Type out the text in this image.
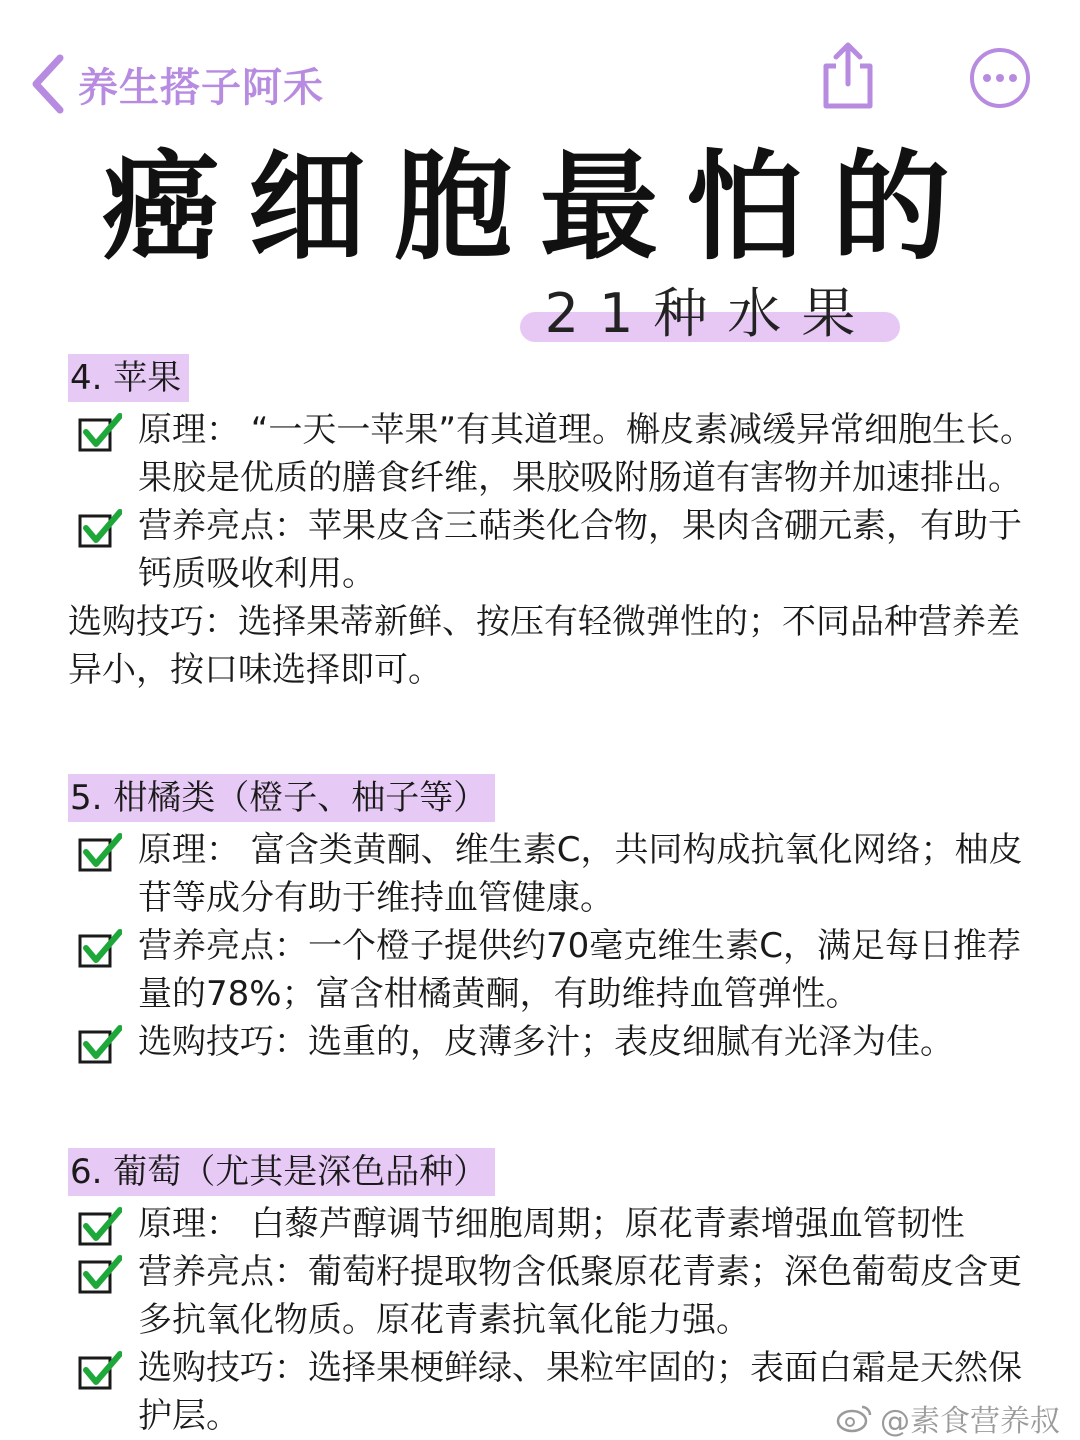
养生搭子阿禾
癌细胞最怕的
21种水果
4. 苹果
原理： “一天一苹果”有其道理。槲皮素减缓异常细胞生长。果胶是优质的膳食纤维，果胶吸附肠道有害物并加速排出。
营养亮点：苹果皮含三萜类化合物，果肉含硼元素，有助于钙质吸收利用。
选购技巧：选择果蒂新鲜、按压有轻微弹性的；不同品种营养差异小，按口味选择即可。
5. 柑橘类（橙子、柚子等）
原理： 富含类黄酮、维生素C，共同构成抗氧化网络；柚皮苷等成分有助于维持血管健康。
营养亮点：一个橙子提供约70毫克维生素C，满足每日推荐量的78%；富含柑橘黄酮，有助维持血管弹性。
选购技巧：选重的，皮薄多汁；表皮细腻有光泽为佳。
6. 葡萄（尤其是深色品种）
原理： 白藜芦醇调节细胞周期；原花青素增强血管韧性
营养亮点：葡萄籽提取物含低聚原花青素；深色葡萄皮含更多抗氧化物质。原花青素抗氧化能力强。
选购技巧：选择果梗鲜绿、果粒牢固的；表面白霜是天然保护层。	@素食营养叔
